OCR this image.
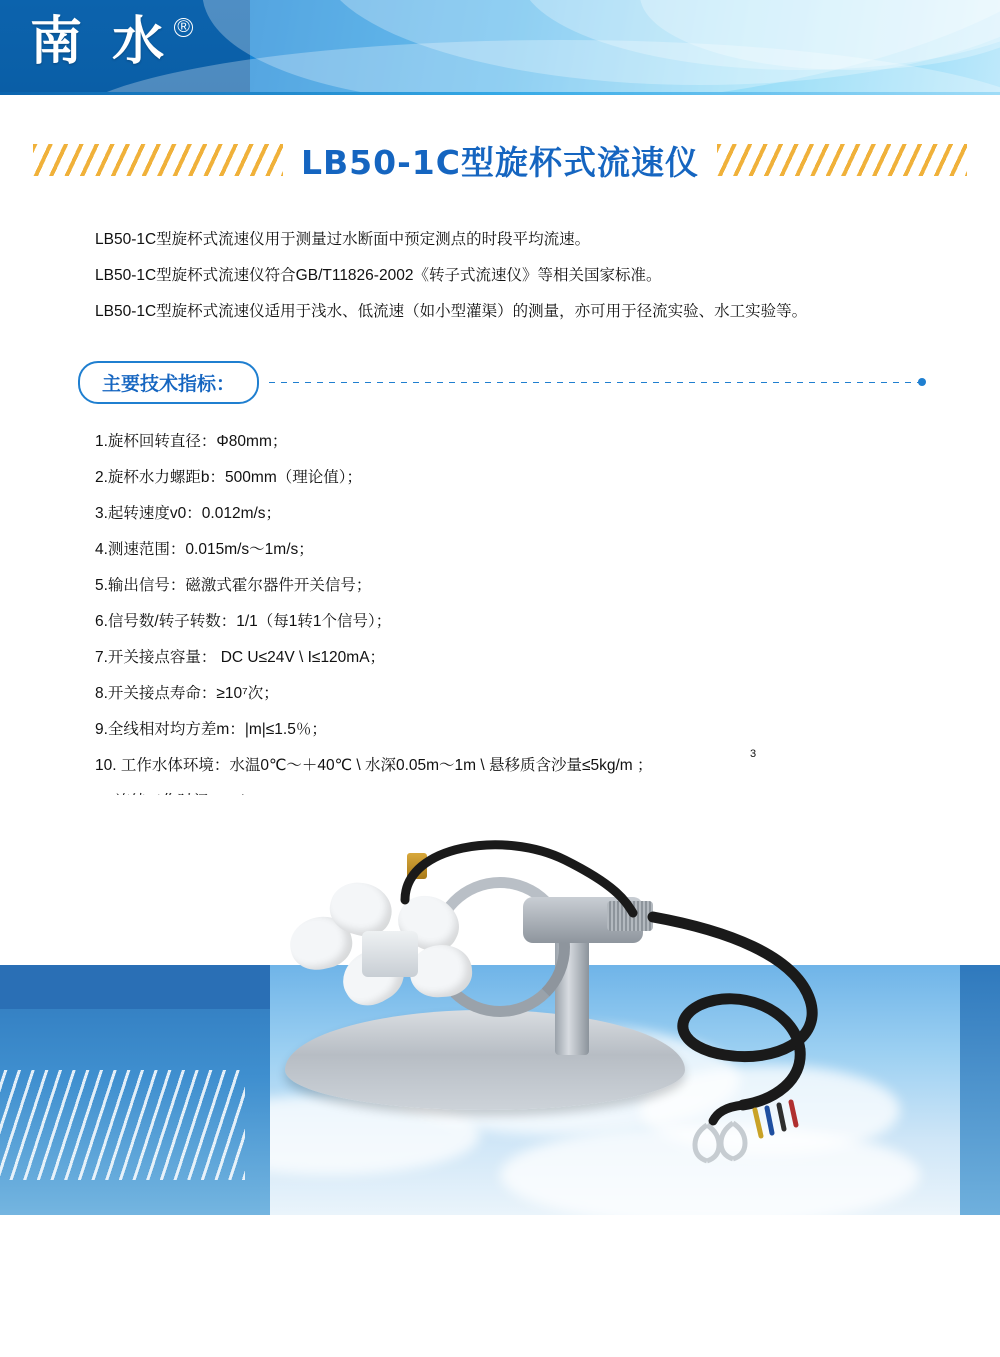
南 水 ®
LB50-1C型旋杯式流速仪

LB50-1C型旋杯式流速仪用于测量过水断面中预定测点的时段平均流速。

LB50-1C型旋杯式流速仪符合GB/T11826-2002《转子式流速仪》等相关国家标准。

LB50-1C型旋杯式流速仪适用于浅水、低流速（如小型灌渠）的测量，亦可用于径流实验、水工实验等。

主要技术指标：
1.旋杯回转直径：Φ80mm；
2.旋杯水力螺距b：500mm（理论值）；
3.起转速度v0：0.012m/s；
4.测速范围：0.015m/s～1m/s；
5.输出信号：磁激式霍尔器件开关信号；
6.信号数/转子转数：1/1（每1转1个信号）；
7.开关接点容量： DC U≤24V \ I≤120mA；
8.开关接点寿命：≥10⁷次；
9.全线相对均方差m：|m|≤1.5％；
10. 工作水体环境：水温0℃～＋40℃ \ 水深0.05m～1m \ 悬移质含沙量≤5kg/m ；
3
